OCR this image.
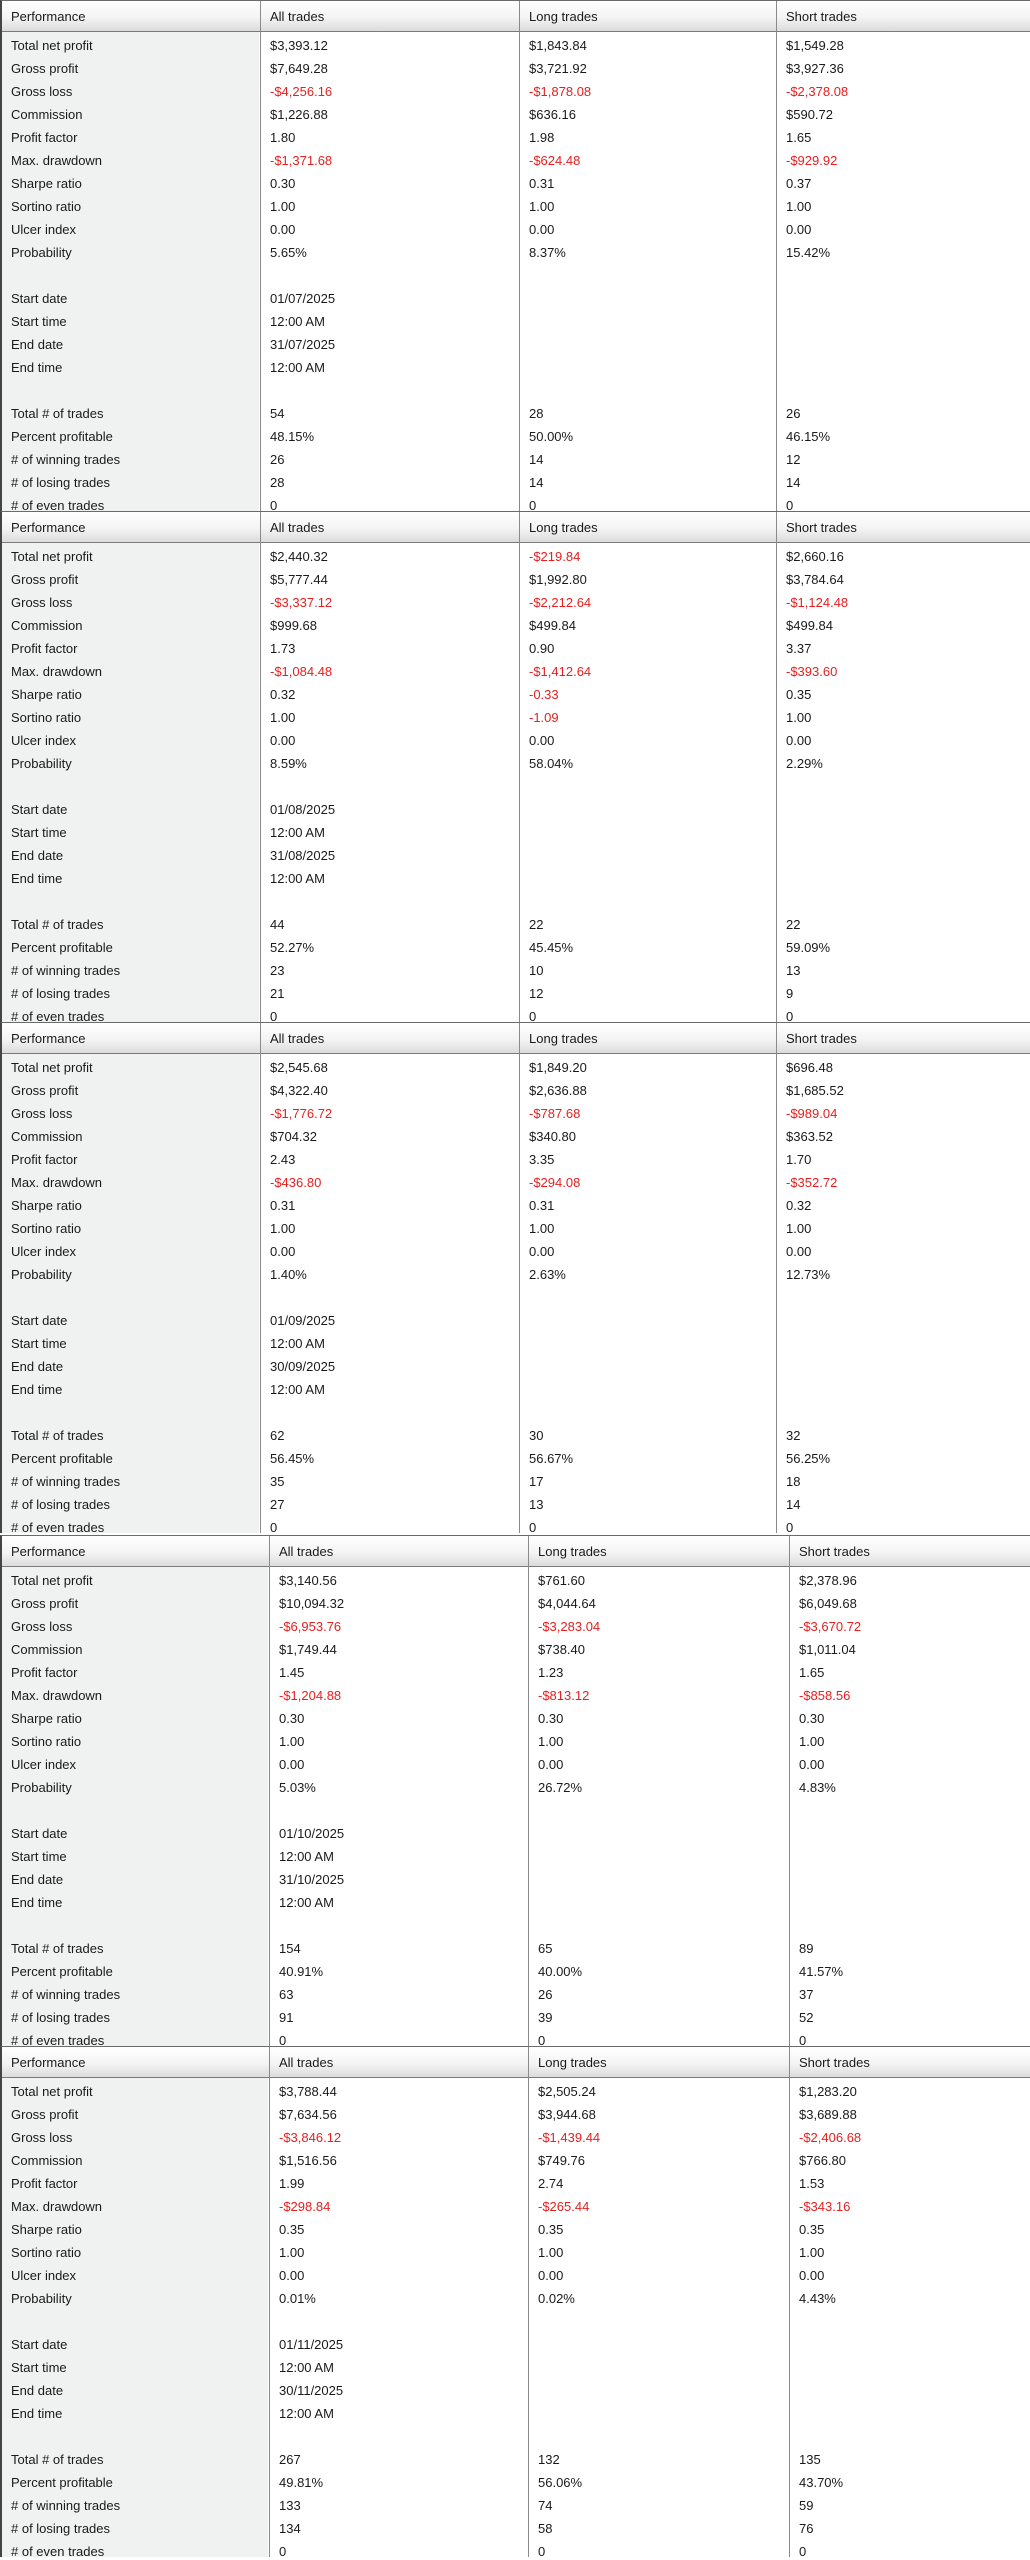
Performance	All trades	Long trades	Short trades
Total net profit	$3,393.12	$1,843.84	$1,549.28
Gross profit	$7,649.28	$3,721.92	$3,927.36
Gross loss	-$4,256.16	-$1,878.08	-$2,378.08
Commission	$1,226.88	$636.16	$590.72
Profit factor	1.80	1.98	1.65
Max. drawdown	-$1,371.68	-$624.48	-$929.92
Sharpe ratio	0.30	0.31	0.37
Sortino ratio	1.00	1.00	1.00
Ulcer index	0.00	0.00	0.00
Probability	5.65%	8.37%	15.42%
Start date	01/07/2025
Start time	12:00 AM
End date	31/07/2025
End time	12:00 AM
Total # of trades	54	28	26
Percent profitable	48.15%	50.00%	46.15%
# of winning trades	26	14	12
# of losing trades	28	14	14
# of even trades	0	0	0
Performance	All trades	Long trades	Short trades
Total net profit	$2,440.32	-$219.84	$2,660.16
Gross profit	$5,777.44	$1,992.80	$3,784.64
Gross loss	-$3,337.12	-$2,212.64	-$1,124.48
Commission	$999.68	$499.84	$499.84
Profit factor	1.73	0.90	3.37
Max. drawdown	-$1,084.48	-$1,412.64	-$393.60
Sharpe ratio	0.32	-0.33	0.35
Sortino ratio	1.00	-1.09	1.00
Ulcer index	0.00	0.00	0.00
Probability	8.59%	58.04%	2.29%
Start date	01/08/2025
Start time	12:00 AM
End date	31/08/2025
End time	12:00 AM
Total # of trades	44	22	22
Percent profitable	52.27%	45.45%	59.09%
# of winning trades	23	10	13
# of losing trades	21	12	9
# of even trades	0	0	0
Performance	All trades	Long trades	Short trades
Total net profit	$2,545.68	$1,849.20	$696.48
Gross profit	$4,322.40	$2,636.88	$1,685.52
Gross loss	-$1,776.72	-$787.68	-$989.04
Commission	$704.32	$340.80	$363.52
Profit factor	2.43	3.35	1.70
Max. drawdown	-$436.80	-$294.08	-$352.72
Sharpe ratio	0.31	0.31	0.32
Sortino ratio	1.00	1.00	1.00
Ulcer index	0.00	0.00	0.00
Probability	1.40%	2.63%	12.73%
Start date	01/09/2025
Start time	12:00 AM
End date	30/09/2025
End time	12:00 AM
Total # of trades	62	30	32
Percent profitable	56.45%	56.67%	56.25%
# of winning trades	35	17	18
# of losing trades	27	13	14
# of even trades	0	0	0
Performance	All trades	Long trades	Short trades
Total net profit	$3,140.56	$761.60	$2,378.96
Gross profit	$10,094.32	$4,044.64	$6,049.68
Gross loss	-$6,953.76	-$3,283.04	-$3,670.72
Commission	$1,749.44	$738.40	$1,011.04
Profit factor	1.45	1.23	1.65
Max. drawdown	-$1,204.88	-$813.12	-$858.56
Sharpe ratio	0.30	0.30	0.30
Sortino ratio	1.00	1.00	1.00
Ulcer index	0.00	0.00	0.00
Probability	5.03%	26.72%	4.83%
Start date	01/10/2025
Start time	12:00 AM
End date	31/10/2025
End time	12:00 AM
Total # of trades	154	65	89
Percent profitable	40.91%	40.00%	41.57%
# of winning trades	63	26	37
# of losing trades	91	39	52
# of even trades	0	0	0
Performance	All trades	Long trades	Short trades
Total net profit	$3,788.44	$2,505.24	$1,283.20
Gross profit	$7,634.56	$3,944.68	$3,689.88
Gross loss	-$3,846.12	-$1,439.44	-$2,406.68
Commission	$1,516.56	$749.76	$766.80
Profit factor	1.99	2.74	1.53
Max. drawdown	-$298.84	-$265.44	-$343.16
Sharpe ratio	0.35	0.35	0.35
Sortino ratio	1.00	1.00	1.00
Ulcer index	0.00	0.00	0.00
Probability	0.01%	0.02%	4.43%
Start date	01/11/2025
Start time	12:00 AM
End date	30/11/2025
End time	12:00 AM
Total # of trades	267	132	135
Percent profitable	49.81%	56.06%	43.70%
# of winning trades	133	74	59
# of losing trades	134	58	76
# of even trades	0	0	0
